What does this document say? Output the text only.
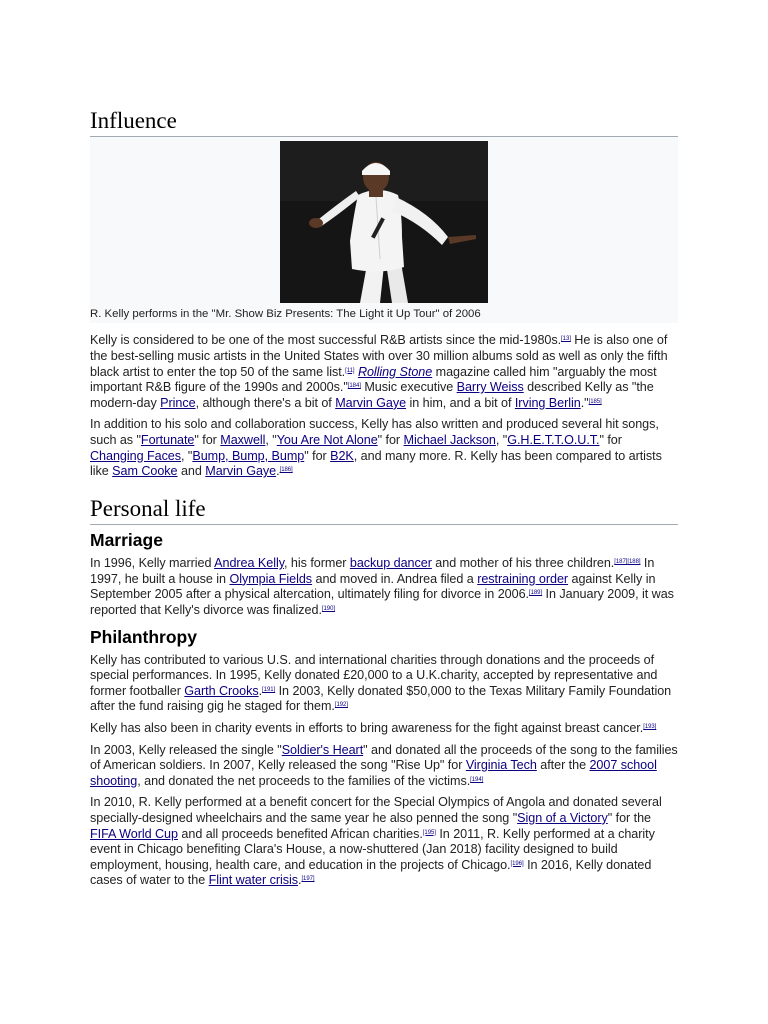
Influence
R. Kelly performs in the "Mr. Show Biz Presents: The Light it Up Tour" of 2006

Kelly is considered to be one of the most successful R&B artists since the mid-1980s.[13] He is also one of the best-selling music artists in the United States with over 30 million albums sold as well as only the fifth black artist to enter the top 50 of the same list.[11] Rolling Stone magazine called him "arguably the most important R&B figure of the 1990s and 2000s."[184] Music executive Barry Weiss described Kelly as "the modern-day Prince, although there's a bit of Marvin Gaye in him, and a bit of Irving Berlin."[185]

In addition to his solo and collaboration success, Kelly has also written and produced several hit songs, such as "Fortunate" for Maxwell, "You Are Not Alone" for Michael Jackson, "G.H.E.T.T.O.U.T." for Changing Faces, "Bump, Bump, Bump" for B2K, and many more. R. Kelly has been compared to artists like Sam Cooke and Marvin Gaye.[186]

Personal life
Marriage

In 1996, Kelly married Andrea Kelly, his former backup dancer and mother of his three children.[187][188] In 1997, he built a house in Olympia Fields and moved in. Andrea filed a restraining order against Kelly in September 2005 after a physical altercation, ultimately filing for divorce in 2006.[189] In January 2009, it was reported that Kelly's divorce was finalized.[190]

Philanthropy

Kelly has contributed to various U.S. and international charities through donations and the proceeds of special performances. In 1995, Kelly donated £20,000 to a U.K.charity, accepted by representative and former footballer Garth Crooks.[191] In 2003, Kelly donated $50,000 to the Texas Military Family Foundation after the fund raising gig he staged for them.[192]

Kelly has also been in charity events in efforts to bring awareness for the fight against breast cancer.[193]

In 2003, Kelly released the single "Soldier's Heart" and donated all the proceeds of the song to the families of American soldiers. In 2007, Kelly released the song "Rise Up" for Virginia Tech after the 2007 school shooting, and donated the net proceeds to the families of the victims.[194]

In 2010, R. Kelly performed at a benefit concert for the Special Olympics of Angola and donated several specially-designed wheelchairs and the same year he also penned the song "Sign of a Victory" for the FIFA World Cup and all proceeds benefited African charities.[195] In 2011, R. Kelly performed at a charity event in Chicago benefiting Clara's House, a now-shuttered (Jan 2018) facility designed to build employment, housing, health care, and education in the projects of Chicago.[196] In 2016, Kelly donated cases of water to the Flint water crisis.[197]
